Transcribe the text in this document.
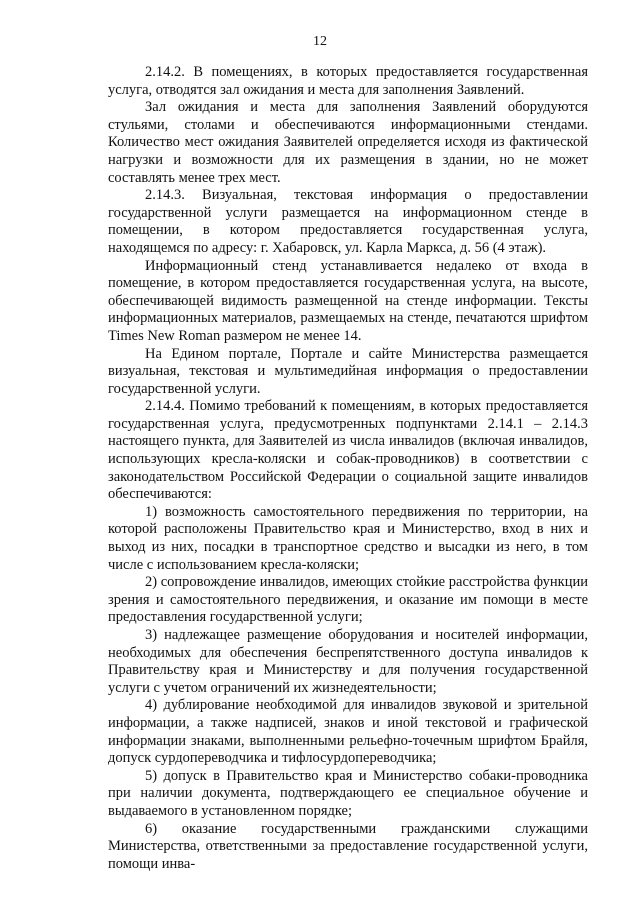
12

2.14.2. В помещениях, в которых предоставляется государственная услуга, отводятся зал ожидания и места для заполнения Заявлений.

Зал ожидания и места для заполнения Заявлений оборудуются стульями, столами и обеспечиваются информационными стендами. Количество мест ожидания Заявителей определяется исходя из фактической нагрузки и возможности для их размещения в здании, но не может составлять менее трех мест.

2.14.3. Визуальная, текстовая информация о предоставлении государственной услуги размещается на информационном стенде в помещении, в котором предоставляется государственная услуга, находящемся по адресу: г. Хабаровск, ул. Карла Маркса, д. 56 (4 этаж).

Информационный стенд устанавливается недалеко от входа в помещение, в котором предоставляется государственная услуга, на высоте, обеспечивающей видимость размещенной на стенде информации. Тексты информационных материалов, размещаемых на стенде, печатаются шрифтом Times New Roman размером не менее 14.

На Едином портале, Портале и сайте Министерства размещается визуальная, текстовая и мультимедийная информация о предоставлении государственной услуги.

2.14.4. Помимо требований к помещениям, в которых предоставляется государственная услуга, предусмотренных подпунктами 2.14.1 – 2.14.3 настоящего пункта, для Заявителей из числа инвалидов (включая инвалидов, использующих кресла-коляски и собак-проводников) в соответствии с законодательством Российской Федерации о социальной защите инвалидов обеспечиваются:

1) возможность самостоятельного передвижения по территории, на которой расположены Правительство края и Министерство, вход в них и выход из них, посадки в транспортное средство и высадки из него, в том числе с использованием кресла-коляски;

2) сопровождение инвалидов, имеющих стойкие расстройства функции зрения и самостоятельного передвижения, и оказание им помощи в месте предоставления государственной услуги;

3) надлежащее размещение оборудования и носителей информации, необходимых для обеспечения беспрепятственного доступа инвалидов к Правительству края и Министерству и для получения государственной услуги с учетом ограничений их жизнедеятельности;

4) дублирование необходимой для инвалидов звуковой и зрительной информации, а также надписей, знаков и иной текстовой и графической информации знаками, выполненными рельефно-точечным шрифтом Брайля, допуск сурдопереводчика и тифлосурдопереводчика;

5) допуск в Правительство края и Министерство собаки-проводника при наличии документа, подтверждающего ее специальное обучение и выдаваемого в установленном порядке;

6) оказание государственными гражданскими служащими Министерства, ответственными за предоставление государственной услуги, помощи инва-
